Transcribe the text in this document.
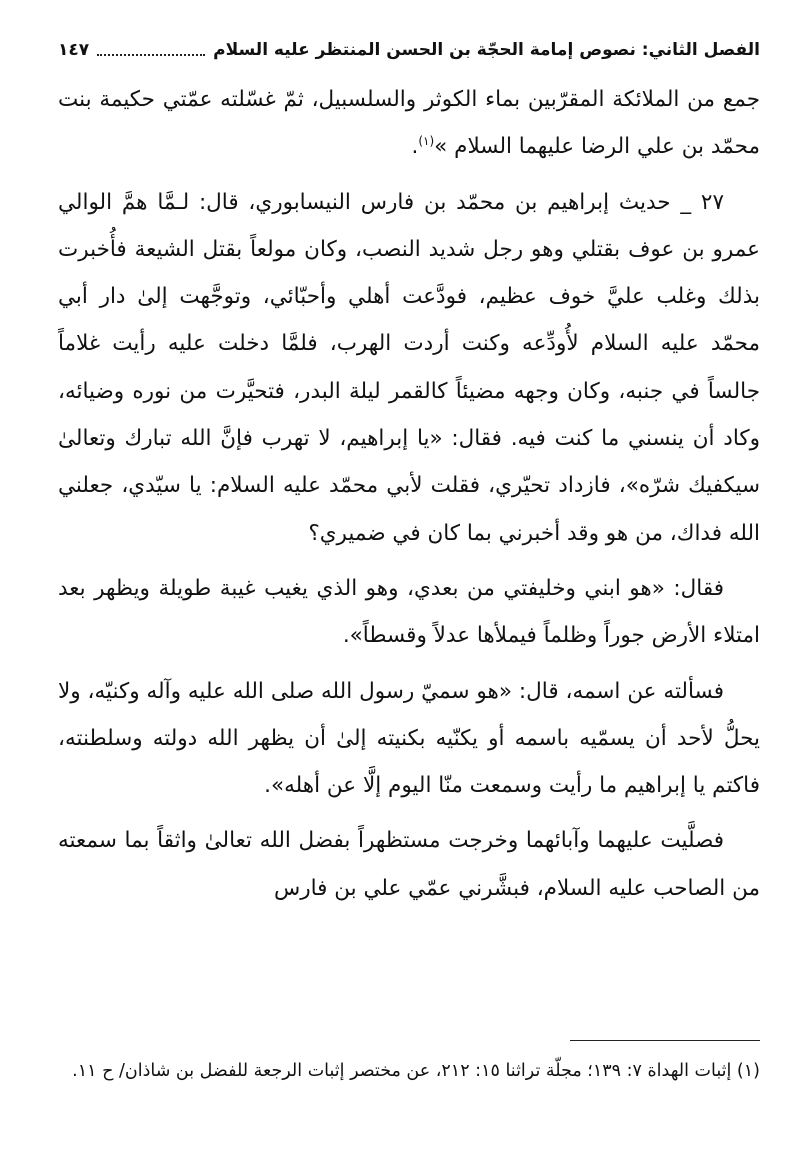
الفصل الثاني: نصوص إمامة الحجّة بن الحسن المنتظر عليه السلام
١٤٧

جمع من الملائكة المقرّبين بماء الكوثر والسلسبيل، ثمّ غسّلته عمّتي حكيمة بنت محمّد بن علي الرضا عليهما السلام »$^{(١)}$.

٢٧ _ حديث إبراهيم بن محمّد بن فارس النيسابوري، قال: لـمَّا همَّ الوالي عمرو بن عوف بقتلي وهو رجل شديد النصب، وكان مولعاً بقتل الشيعة فأُخبرت بذلك وغلب عليَّ خوف عظيم، فودَّعت أهلي وأحبّائي، وتوجَّهت إلىٰ دار أبي محمّد عليه السلام لأُودِّعه وكنت أردت الهرب، فلمَّا دخلت عليه رأيت غلاماً جالساً في جنبه، وكان وجهه مضيئاً كالقمر ليلة البدر، فتحيَّرت من نوره وضيائه، وكاد أن ينسني ما كنت فيه. فقال: «يا إبراهيم، لا تهرب فإنَّ الله تبارك وتعالىٰ سيكفيك شرّه»، فازداد تحيّري، فقلت لأبي محمّد عليه السلام: يا سيّدي، جعلني الله فداك، من هو وقد أخبرني بما كان في ضميري؟

فقال: «هو ابني وخليفتي من بعدي، وهو الذي يغيب غيبة طويلة ويظهر بعد امتلاء الأرض جوراً وظلماً فيملأها عدلاً وقسطاً».

فسألته عن اسمه، قال: «هو سميّ رسول الله صلى الله عليه وآله وكنيّه، ولا يحلُّ لأحد أن يسمّيه باسمه أو يكنّيه بكنيته إلىٰ أن يظهر الله دولته وسلطنته، فاكتم يا إبراهيم ما رأيت وسمعت منّا اليوم إلَّا عن أهله».

فصلَّيت عليهما وآبائهما وخرجت مستظهراً بفضل الله تعالىٰ واثقاً بما سمعته من الصاحب عليه السلام، فبشَّرني عمّي علي بن فارس

(١) إثبات الهداة ٧: ١٣٩؛ مجلّة تراثنا ١٥: ٢١٢، عن مختصر إثبات الرجعة للفضل بن شاذان/ ح ١١.
